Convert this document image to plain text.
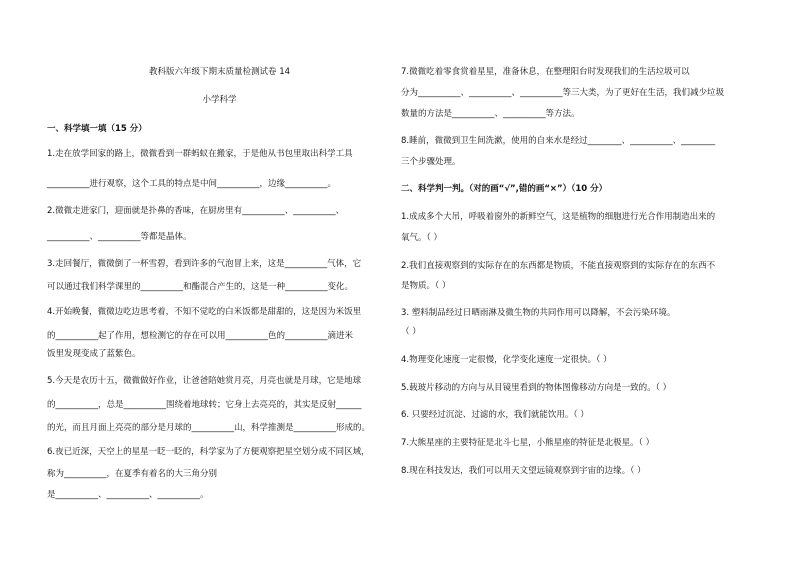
教科版六年级下期末质量检测试卷 14
小学科学
一、科学填一填（15 分）
1.走在放学回家的路上，微微看到一群蚂蚁在搬家，于是他从书包里取出科学工具
__________进行观察，这个工具的特点是中间__________，边缘__________。
2.微微走进家门，迎面就是扑鼻的香味，在厨房里有__________、__________、
__________、__________等都是晶体。
3.走回餐厅，微微倒了一杯雪碧，看到许多的气泡冒上来，这是__________气体，它
可以通过我们科学课里的__________和酯混合产生的，这是一种__________变化。
4.开始晚餐，微微边吃边思考着，不知不觉吃的白米饭都是甜甜的，这是因为米饭里
的__________起了作用，想检测它的存在可以用__________色的__________滴进米
饭里发现变成了蓝紫色。
5.今天是农历十五，微微做好作业，让爸爸陪她赏月亮，月亮也就是月球，它是地球
的__________，总是__________围绕着地球转；它身上去亮亮的，其实是反射______
的光，而且月面上亮亮的部分是月球的__________山，科学推测是__________形成的。
6.夜已近深，天空上的星星一眨一眨的，科学家为了方便观察把星空划分成不同区域，
称为__________，在夏季有着名的大三角分别
是__________、__________、__________。
7.微微吃着零食赏着星星，准备休息，在整理阳台时发现我们的生活垃圾可以
分为__________、__________、__________等三大类，为了更好在生活，我们减少垃圾
数量的方法是__________、__________等方法。
8.睡前，微微到卫生间洗漱，使用的自来水是经过________、__________、________
三个步骤处理。
二、科学判一判。（对的画“√”,错的画“×”）（10 分）
1.成成多个大吊，呼吸着窗外的新鲜空气，这是植物的细胞进行光合作用制造出来的
氧气。（ ）
2.我们直接观察到的实际存在的东西都是物质，不能直接观察到的实际存在的东西不
是物质。（ ）
3. 塑料制品经过日晒雨淋及微生物的共同作用可以降解，不会污染环境。
（ ）
4.物理变化速度一定很慢，化学变化速度一定很快。（ ）
5.载玻片移动的方向与从目镜里看到的物体图像移动方向是一致的。（ ）
6. 只要经过沉淀、过滤的水，我们就能饮用。（ ）
7.大熊星座的主要特征是北斗七星，小熊星座的特征是北极星。（ ）
8.现在科技发达，我们可以用天文望远镜观察到宇宙的边缘。（ ）
